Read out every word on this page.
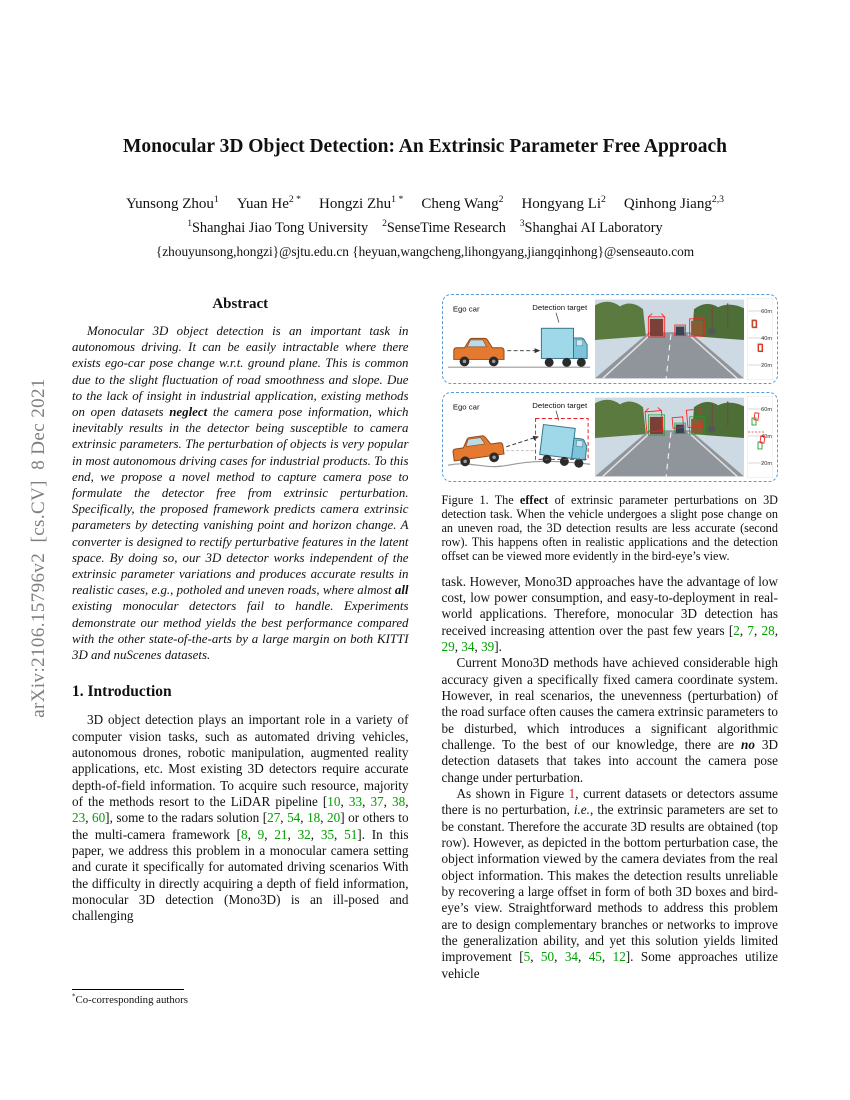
arXiv:2106.15796v2  [cs.CV]  8 Dec 2021
Monocular 3D Object Detection: An Extrinsic Parameter Free Approach
Yunsong Zhou$^1$ Yuan $He^{2 *}$ Hongzi Zhu$^{1 *}$ Cheng Wang$^2$ Hongyang Li$^2$ Qinhong Jiang$^{2,3}$
$^1$Shanghai Jiao Tong University $^2$SenseTime Research $^3$Shanghai AI Laboratory
{zhouyunsong,hongzi}@sjtu.edu.cn {heyuan,wangcheng,lihongyang,jiangqinhong}@senseauto.com
Abstract

Monocular 3D object detection is an important task in autonomous driving. It can be easily intractable where there exists ego-car pose change w.r.t. ground plane. This is common due to the slight fluctuation of road smoothness and slope. Due to the lack of insight in industrial application, existing methods on open datasets neglect the camera pose information, which inevitably results in the detector being susceptible to camera extrinsic parameters. The perturbation of objects is very popular in most autonomous driving cases for industrial products. To this end, we propose a novel method to capture camera pose to formulate the detector free from extrinsic perturbation. Specifically, the proposed framework predicts camera extrinsic parameters by detecting vanishing point and horizon change. A converter is designed to rectify perturbative features in the latent space. By doing so, our 3D detector works independent of the extrinsic parameter variations and produces accurate results in realistic cases, e.g., potholed and uneven roads, where almost all existing monocular detectors fail to handle. Experiments demonstrate our method yields the best performance compared with the other state-of-the-arts by a large margin on both KITTI 3D and nuScenes datasets.

1. Introduction

3D object detection plays an important role in a variety of computer vision tasks, such as automated driving vehicles, autonomous drones, robotic manipulation, augmented reality applications, etc. Most existing 3D detectors require accurate depth-of-field information. To acquire such resource, majority of the methods resort to the LiDAR pipeline [10, 33, 37, 38, 23, 60], some to the radars solution [27, 54, 18, 20] or others to the multi-camera framework [8, 9, 21, 32, 35, 51]. In this paper, we address this problem in a monocular camera setting and curate it specifically for automated driving scenarios With the difficulty in directly acquiring a depth of field information, monocular 3D detection (Mono3D) is an ill-posed and challenging

*Co-corresponding authors
Ego car	Detection target
60m
40m
20m
Ego car	Detection target
60m
40m
20m
Figure 1. The effect of extrinsic parameter perturbations on 3D detection task. When the vehicle undergoes a slight pose change on an uneven road, the 3D detection results are less accurate (second row). This happens often in realistic applications and the detection offset can be viewed more evidently in the bird-eye’s view.

task. However, Mono3D approaches have the advantage of low cost, low power consumption, and easy-to-deployment in real-world applications. Therefore, monocular 3D detection has received increasing attention over the past few years [2, 7, 28, 29, 34, 39].

Current Mono3D methods have achieved considerable high accuracy given a specifically fixed camera coordinate system. However, in real scenarios, the unevenness (perturbation) of the road surface often causes the camera extrinsic parameters to be disturbed, which introduces a significant algorithmic challenge. To the best of our knowledge, there are no 3D detection datasets that takes into account the camera pose change under perturbation.

As shown in Figure 1, current datasets or detectors assume there is no perturbation, i.e., the extrinsic parameters are set to be constant. Therefore the accurate 3D results are obtained (top row). However, as depicted in the bottom perturbation case, the object information viewed by the camera deviates from the real object information. This makes the detection results unreliable by recovering a large offset in form of both 3D boxes and bird-eye’s view. Straightforward methods to address this problem are to design complementary branches or networks to improve the generalization ability, and yet this solution yields limited improvement [5, 50, 34, 45, 12]. Some approaches utilize vehicle
